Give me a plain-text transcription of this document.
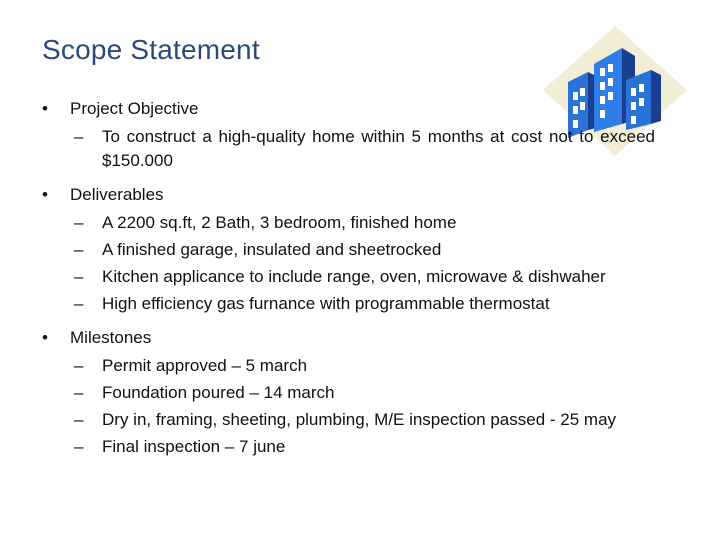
Scope Statement
• Project Objective
– To construct a high-quality home within 5 months at cost not to exceed $150.000
• Deliverables
– A 2200 sq.ft, 2 Bath, 3 bedroom, finished home
– A finished garage, insulated and sheetrocked
– Kitchen applicance to include range, oven, microwave & dishwaher
– High efficiency gas furnance with programmable thermostat
• Milestones
– Permit approved – 5 march
– Foundation poured – 14 march
– Dry in, framing, sheeting, plumbing, M/E inspection passed - 25 may
– Final inspection – 7 june
